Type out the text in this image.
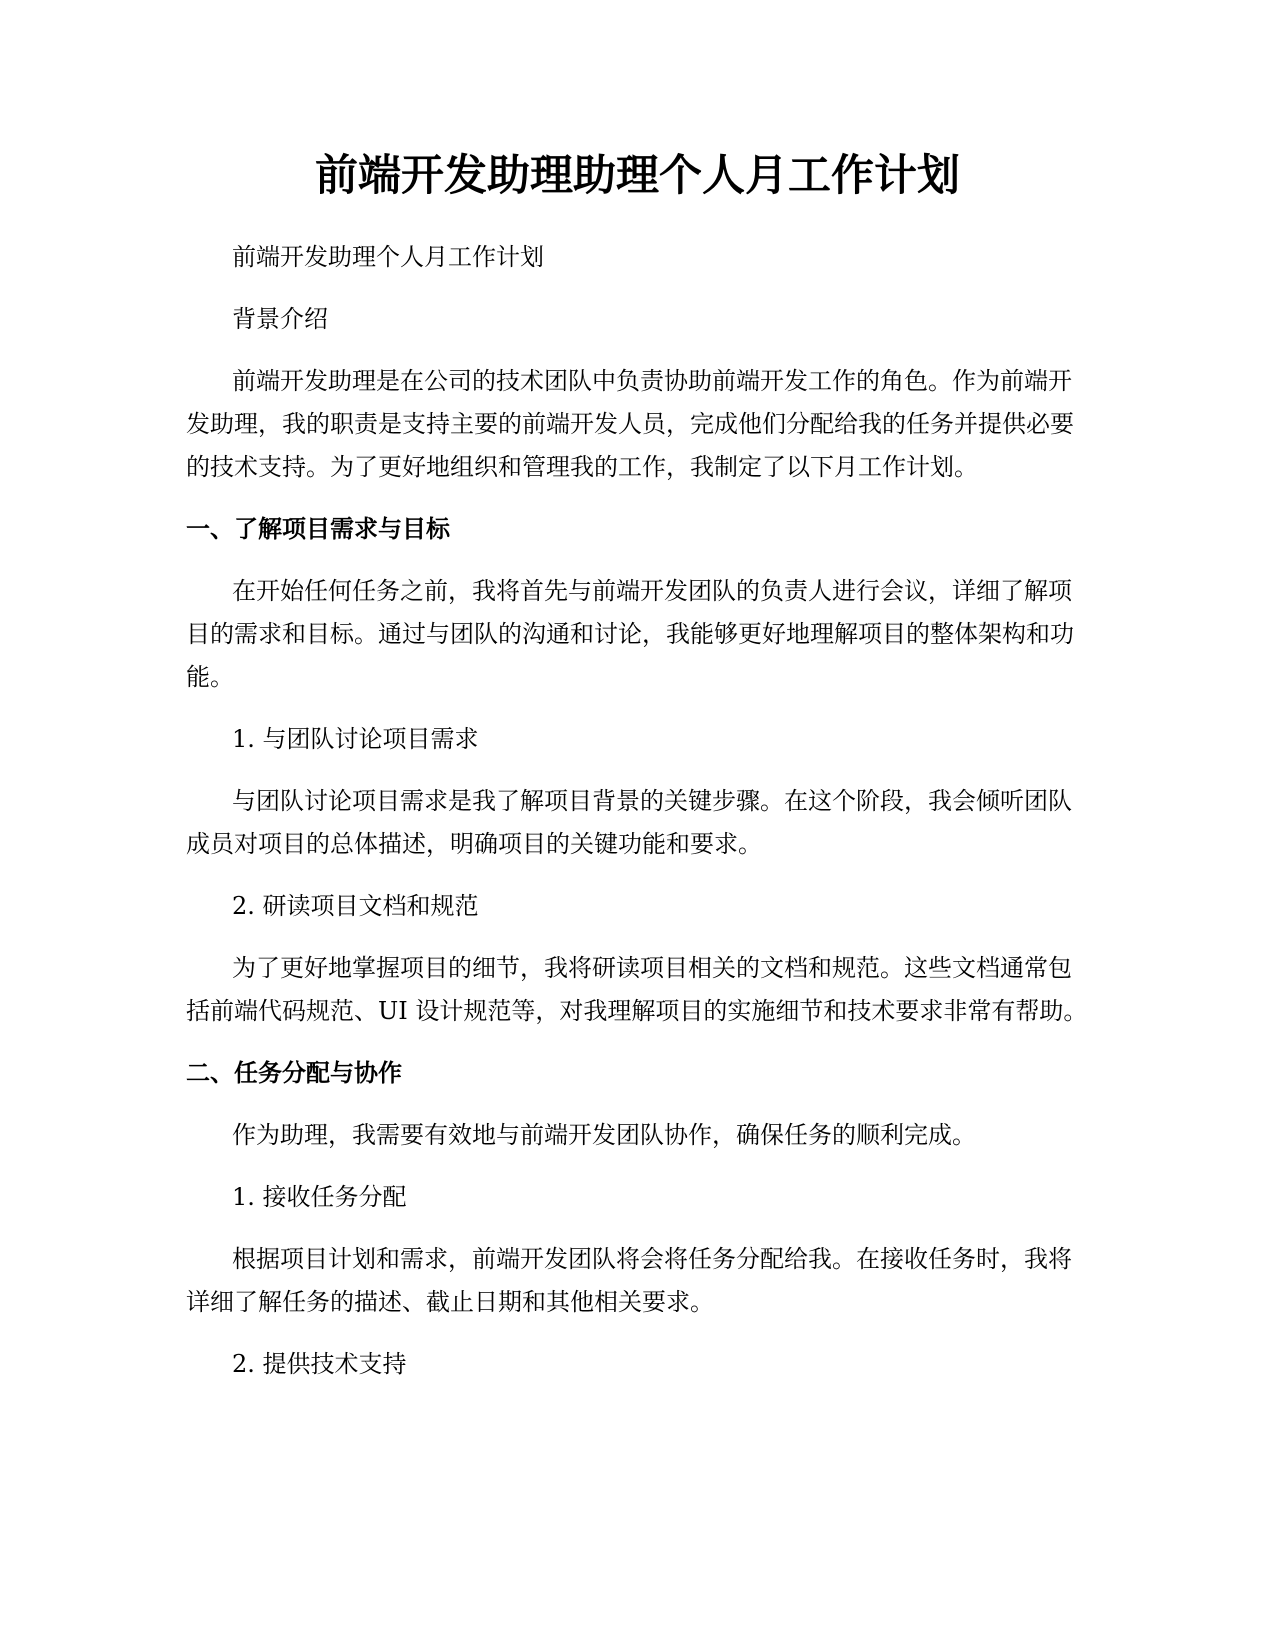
前端开发助理助理个人月工作计划

前端开发助理个人月工作计划

背景介绍

前端开发助理是在公司的技术团队中负责协助前端开发工作的角色。作为前端开发助理，我的职责是支持主要的前端开发人员，完成他们分配给我的任务并提供必要的技术支持。为了更好地组织和管理我的工作，我制定了以下月工作计划。

一、了解项目需求与目标

在开始任何任务之前，我将首先与前端开发团队的负责人进行会议，详细了解项目的需求和目标。通过与团队的沟通和讨论，我能够更好地理解项目的整体架构和功能。

1. 与团队讨论项目需求

与团队讨论项目需求是我了解项目背景的关键步骤。在这个阶段，我会倾听团队成员对项目的总体描述，明确项目的关键功能和要求。

2. 研读项目文档和规范

为了更好地掌握项目的细节，我将研读项目相关的文档和规范。这些文档通常包括前端代码规范、UI 设计规范等，对我理解项目的实施细节和技术要求非常有帮助。

二、任务分配与协作

作为助理，我需要有效地与前端开发团队协作，确保任务的顺利完成。

1. 接收任务分配

根据项目计划和需求，前端开发团队将会将任务分配给我。在接收任务时，我将详细了解任务的描述、截止日期和其他相关要求。

2. 提供技术支持
